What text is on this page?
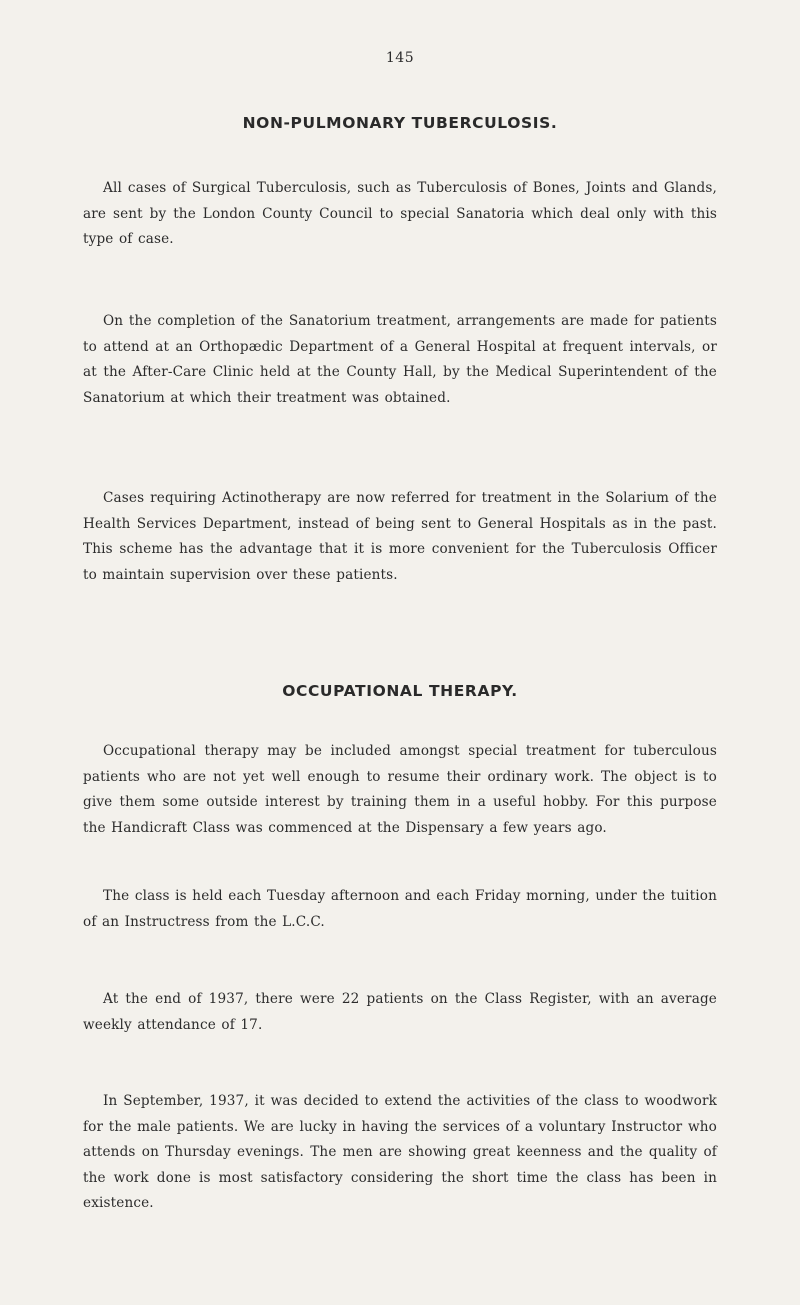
145
NON-PULMONARY TUBERCULOSIS.

All cases of Surgical Tuberculosis, such as Tuberculosis of Bones, Joints and Glands, are sent by the London County Council to special Sanatoria which deal only with this type of case.

On the completion of the Sanatorium treatment, arrangements are made for patients to attend at an Orthopædic Department of a General Hospital at frequent intervals, or at the After-Care Clinic held at the County Hall, by the Medical Superintendent of the Sanatorium at which their treatment was obtained.

Cases requiring Actinotherapy are now referred for treatment in the Solarium of the Health Services Department, instead of being sent to General Hospitals as in the past. This scheme has the advantage that it is more convenient for the Tuberculosis Officer to maintain supervision over these patients.

OCCUPATIONAL THERAPY.

Occupational therapy may be included amongst special treatment for tuberculous patients who are not yet well enough to resume their ordinary work. The object is to give them some outside interest by training them in a useful hobby. For this purpose the Handicraft Class was commenced at the Dispensary a few years ago.

The class is held each Tuesday afternoon and each Friday morning, under the tuition of an Instructress from the L.C.C.

At the end of 1937, there were 22 patients on the Class Register, with an average weekly attendance of 17.

In September, 1937, it was decided to extend the activities of the class to woodwork for the male patients. We are lucky in having the services of a voluntary Instructor who attends on Thursday evenings. The men are showing great keenness and the quality of the work done is most satisfactory considering the short time the class has been in existence.
